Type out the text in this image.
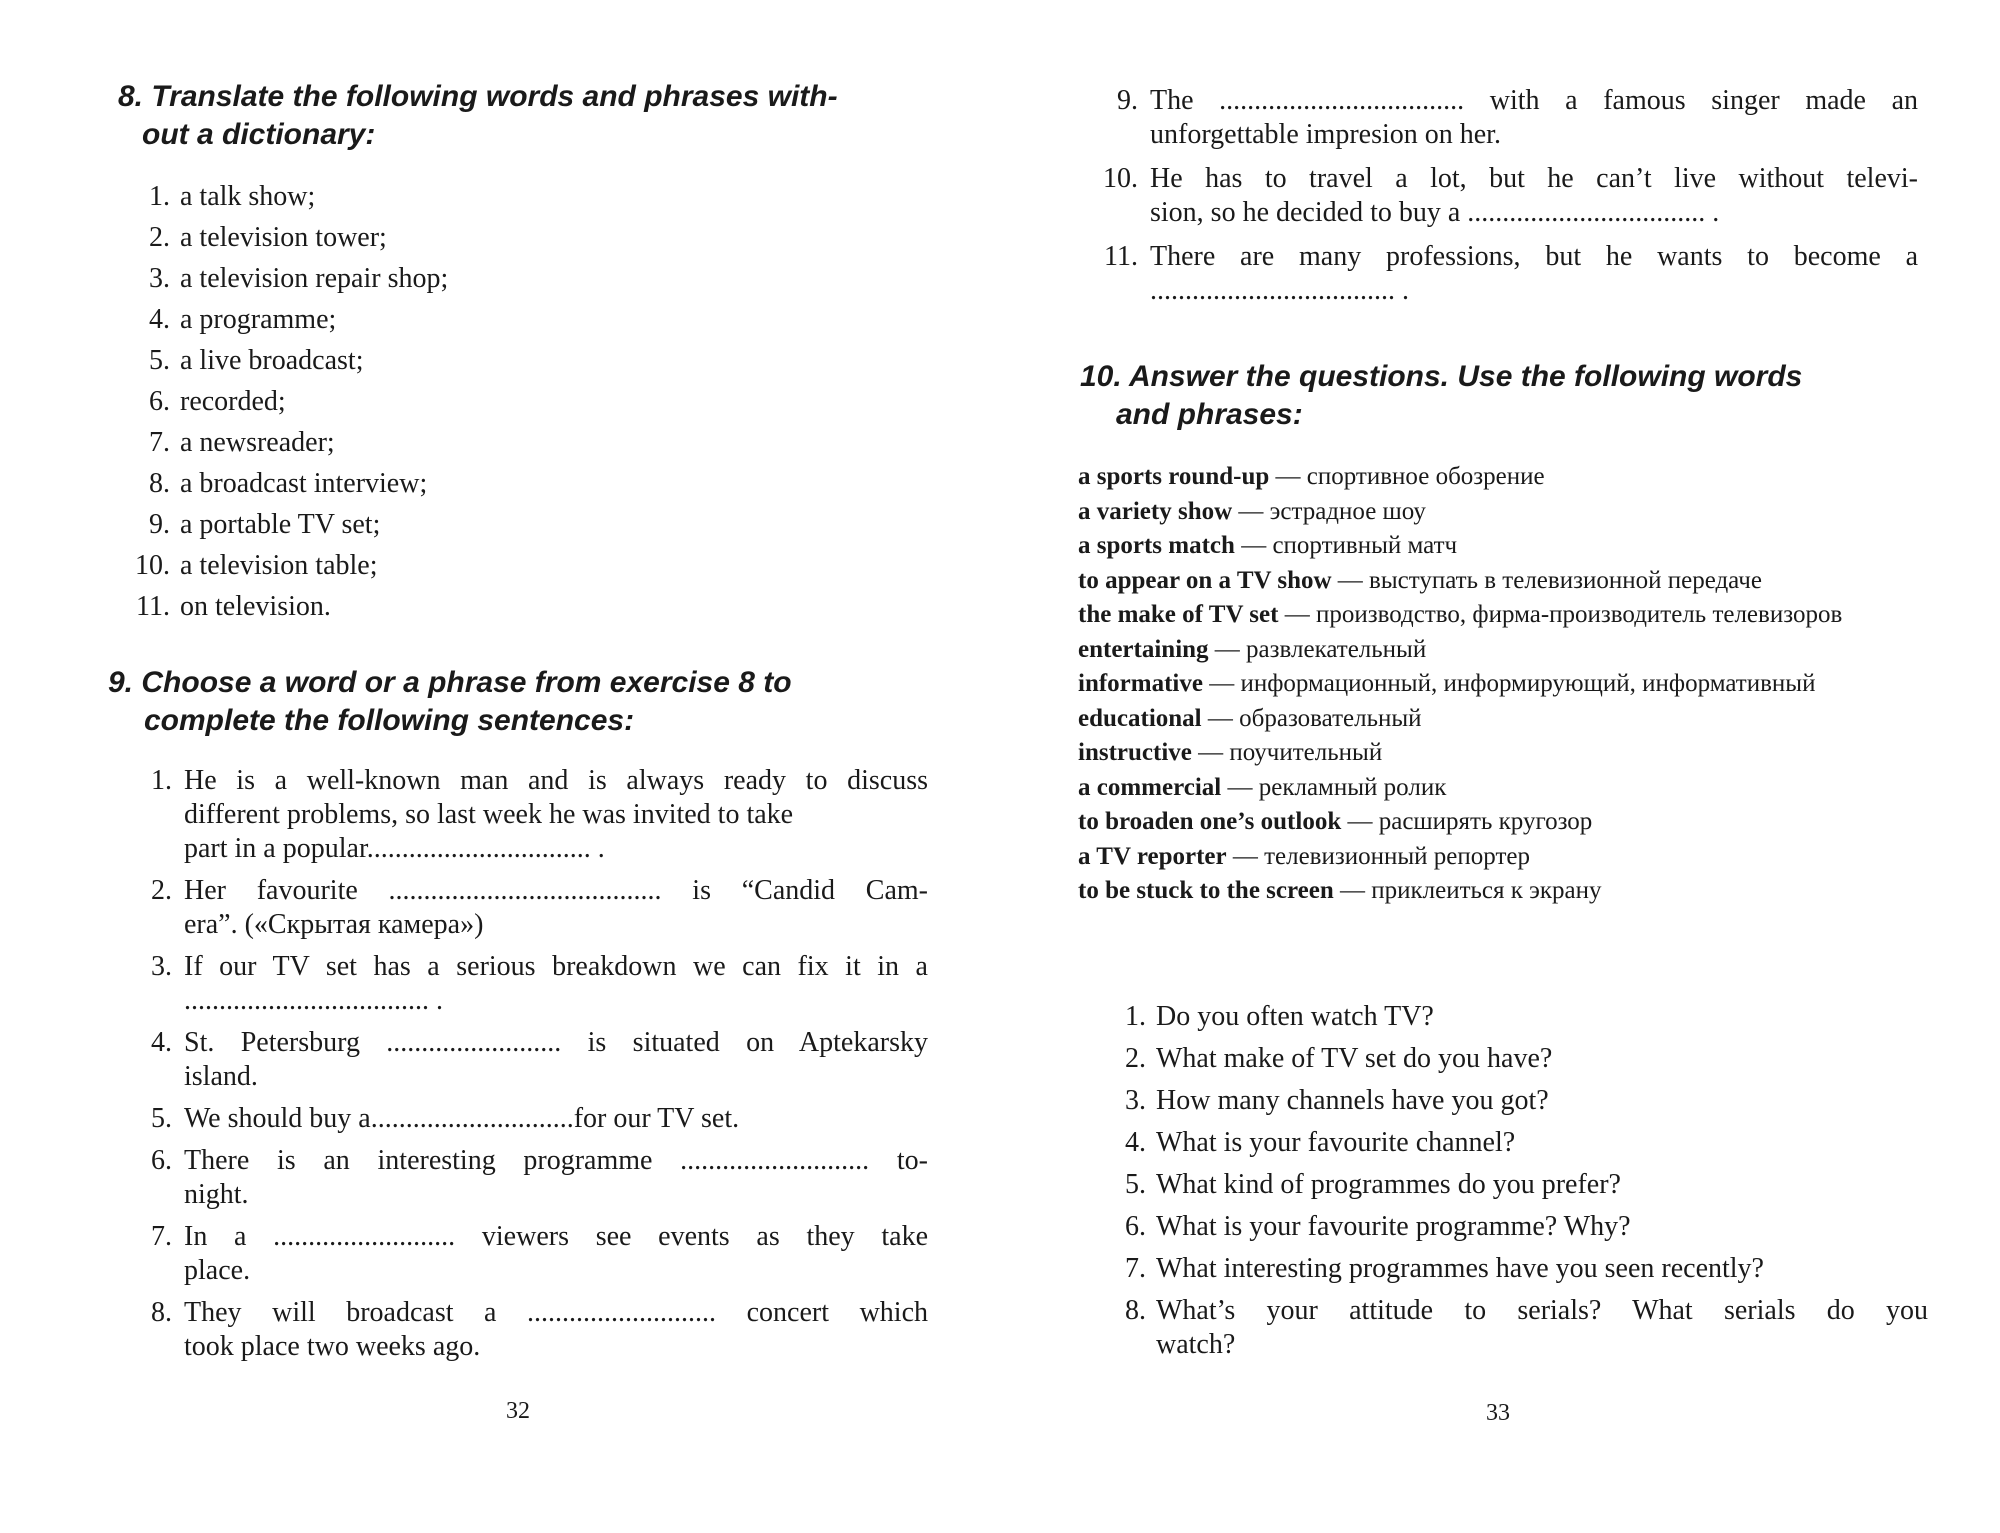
8. Translate the following words and phrases with-
out a dictionary:
1. a talk show;
2. a television tower;
3. a television repair shop;
4. a programme;
5. a live broadcast;
6. recorded;
7. a newsreader;
8. a broadcast interview;
9. a portable TV set;
10. a television table;
11. on television.
9. Choose a word or a phrase from exercise 8 to
complete the following sentences:
1. He is a well-known man and is always ready to discuss
different problems, so last week he was invited to take
part in a popular................................ .
2. Her favourite ....................................... is “Candid Cam-
era”. («Скрытая камера»)
3. If our TV set has a serious breakdown we can fix it in a
................................... .
4. St. Petersburg ......................... is situated on Aptekarsky
island.
5. We should buy a.............................for our TV set.
6. There is an interesting programme ........................... to-
night.
7. In a .......................... viewers see events as they take
place.
8. They will broadcast a ........................... concert which
took place two weeks ago.
32
9. The ................................... with a famous singer made an
unforgettable impresion on her.
10. He has to travel a lot, but he can’t live without televi-
sion, so he decided to buy a .................................. .
11. There are many professions, but he wants to become a
................................... .
10. Answer the questions. Use the following words
and phrases:
a sports round-up — спортивное обозрение
a variety show — эстрадное шоу
a sports match — спортивный матч
to appear on a TV show — выступать в телевизионной передаче
the make of TV set — производство, фирма-производитель телевизоров
entertaining — развлекательный
informative — информационный, информирующий, информативный
educational — образовательный
instructive — поучительный
a commercial — рекламный ролик
to broaden one’s outlook — расширять кругозор
a TV reporter — телевизионный репортер
to be stuck to the screen — приклеиться к экрану
1. Do you often watch TV?
2. What make of TV set do you have?
3. How many channels have you got?
4. What is your favourite channel?
5. What kind of programmes do you prefer?
6. What is your favourite programme? Why?
7. What interesting programmes have you seen recently?
8. What’s your attitude to serials? What serials do you
watch?
33
